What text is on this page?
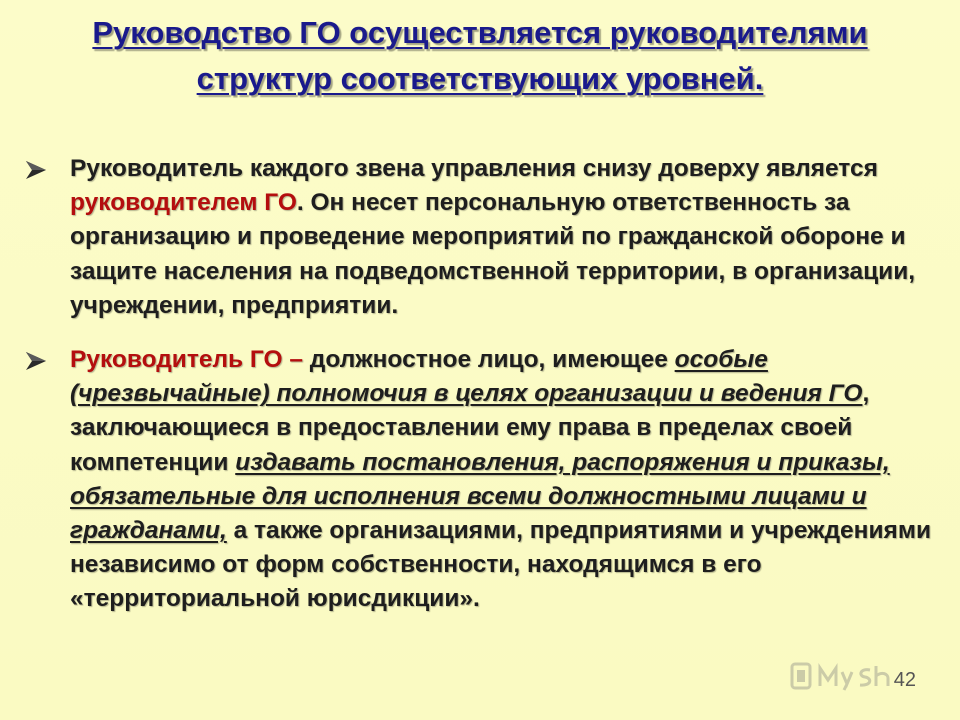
Руководство ГО осуществляется руководителями
структур соответствующих уровней.
Руководитель каждого звена управления снизу доверху является руководителем ГО. Он несет персональную ответственность за организацию и проведение мероприятий по гражданской обороне и защите населения на подведомственной территории, в организации, учреждении, предприятии.
Руководитель ГО – должностное лицо, имеющее особые (чрезвычайные) полномочия в целях организации и ведения ГО, заключающиеся в предоставлении ему права в пределах своей компетенции издавать постановления, распоряжения и приказы, обязательные для исполнения всеми должностными лицами и гражданами, а также организациями, предприятиями и учреждениями независимо от форм собственности, находящимся в его «территориальной юрисдикции».
42
